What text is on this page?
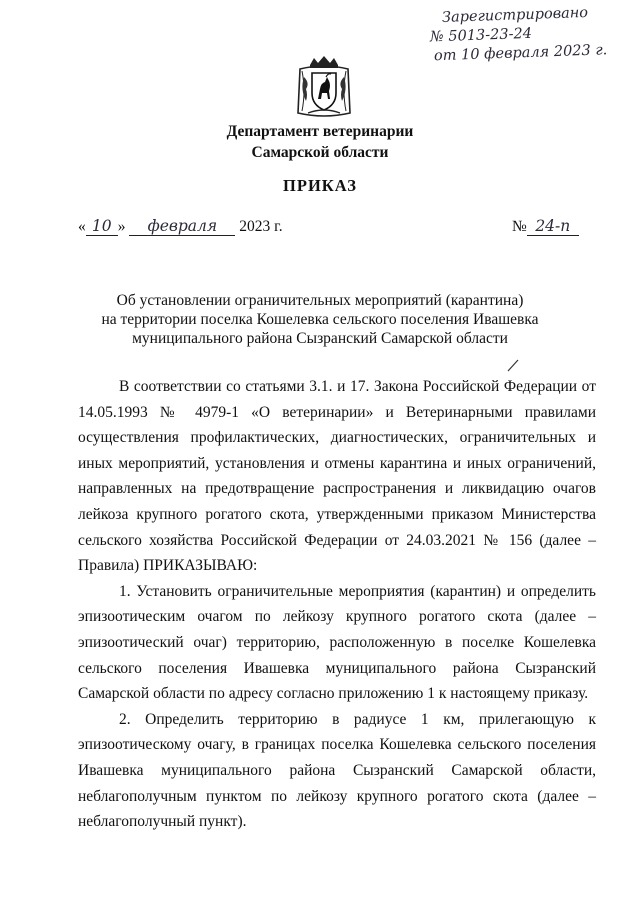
Зарегистрировано
№ 5013-23-24
от 10 февраля 2023 г.
Департамент ветеринарии
Самарской области
ПРИКАЗ
« 10 » февраля 2023 г.	№ 24-п
Об установлении ограничительных мероприятий (карантина)
на территории поселка Кошелевка сельского поселения Ивашевка
муниципального района Сызранский Самарской области

В соответствии со статьями 3.1. и 17. Закона Российской Федерации от 14.05.1993 № 4979-1 «О ветеринарии» и Ветеринарными правилами осуществления профилактических, диагностических, ограничительных и иных мероприятий, установления и отмены карантина и иных ограничений, направленных на предотвращение распространения и ликвидацию очагов лейкоза крупного рогатого скота, утвержденными приказом Министерства сельского хозяйства Российской Федерации от 24.03.2021 № 156 (далее – Правила) ПРИКАЗЫВАЮ:

1. Установить ограничительные мероприятия (карантин) и определить эпизоотическим очагом по лейкозу крупного рогатого скота (далее – эпизоотический очаг) территорию, расположенную в поселке Кошелевка сельского поселения Ивашевка муниципального района Сызранский Самарской области по адресу согласно приложению 1 к настоящему приказу.

2. Определить территорию в радиусе 1 км, прилегающую к эпизоотическому очагу, в границах поселка Кошелевка сельского поселения Ивашевка муниципального района Сызранский Самарской области, неблагополучным пунктом по лейкозу крупного рогатого скота (далее – неблагополучный пункт).
